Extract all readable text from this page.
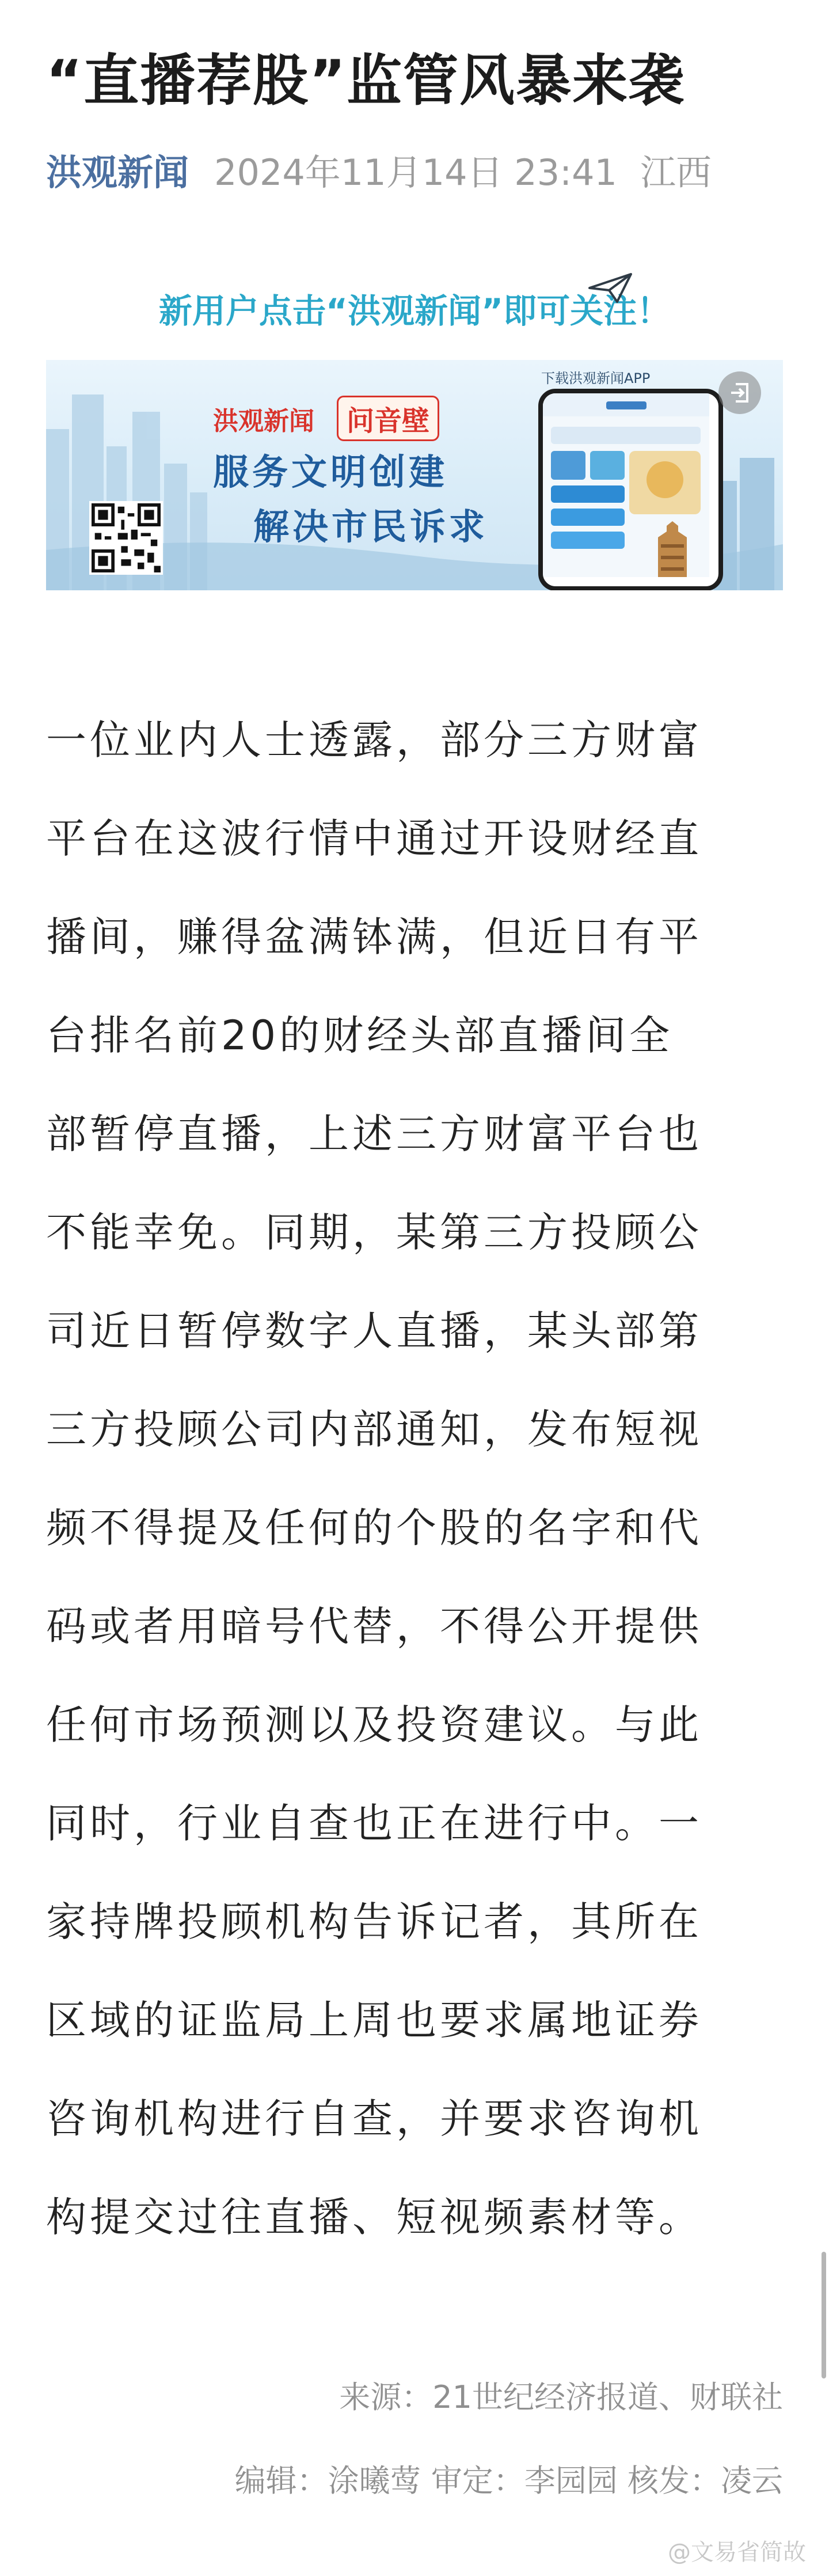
“直播荐股”监管风暴来袭
洪观新闻 2024年11月14日 23:41 江西
新用户点击“洪观新闻”即可关注！
洪观新闻	问音壁
服务文明创建
解决市民诉求
下载洪观新闻APP
一位业内人士透露，部分三方财富
平台在这波行情中通过开设财经直
播间，赚得盆满钵满，但近日有平
台排名前20的财经头部直播间全
部暂停直播，上述三方财富平台也
不能幸免。同期，某第三方投顾公
司近日暂停数字人直播，某头部第
三方投顾公司内部通知，发布短视
频不得提及任何的个股的名字和代
码或者用暗号代替，不得公开提供
任何市场预测以及投资建议。与此
同时，行业自查也正在进行中。一
家持牌投顾机构告诉记者，其所在
区域的证监局上周也要求属地证券
咨询机构进行自查，并要求咨询机
构提交过往直播、短视频素材等。
来源：21世纪经济报道、财联社
编辑：涂曦莺 审定：李园园 核发：凌云
@文易省简故
